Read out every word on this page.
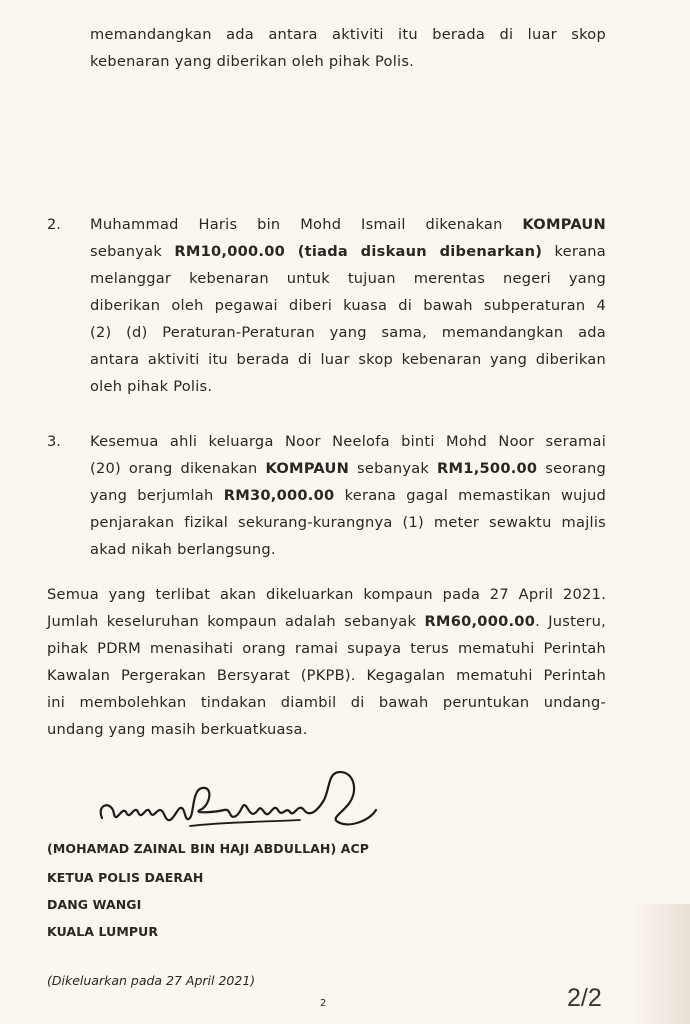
memandangkan ada antara aktiviti itu berada di luar skop
kebenaran yang diberikan oleh pihak Polis.
2. Muhammad Haris bin Mohd Ismail dikenakan KOMPAUN
sebanyak RM10,000.00 (tiada diskaun dibenarkan) kerana
melanggar kebenaran untuk tujuan merentas negeri yang
diberikan oleh pegawai diberi kuasa di bawah subperaturan 4
(2) (d) Peraturan-Peraturan yang sama, memandangkan ada
antara aktiviti itu berada di luar skop kebenaran yang diberikan
oleh pihak Polis.
3. Kesemua ahli keluarga Noor Neelofa binti Mohd Noor seramai
(20) orang dikenakan KOMPAUN sebanyak RM1,500.00 seorang
yang berjumlah RM30,000.00 kerana gagal memastikan wujud
penjarakan fizikal sekurang-kurangnya (1) meter sewaktu majlis
akad nikah berlangsung.
Semua yang terlibat akan dikeluarkan kompaun pada 27 April 2021.
Jumlah keseluruhan kompaun adalah sebanyak RM60,000.00. Justeru,
pihak PDRM menasihati orang ramai supaya terus mematuhi Perintah
Kawalan Pergerakan Bersyarat (PKPB). Kegagalan mematuhi Perintah
ini membolehkan tindakan diambil di bawah peruntukan undang-
undang yang masih berkuatkuasa.
(MOHAMAD ZAINAL BIN HAJI ABDULLAH) ACP
KETUA POLIS DAERAH
DANG WANGI
KUALA LUMPUR
(Dikeluarkan pada 27 April 2021)
2	2/2
